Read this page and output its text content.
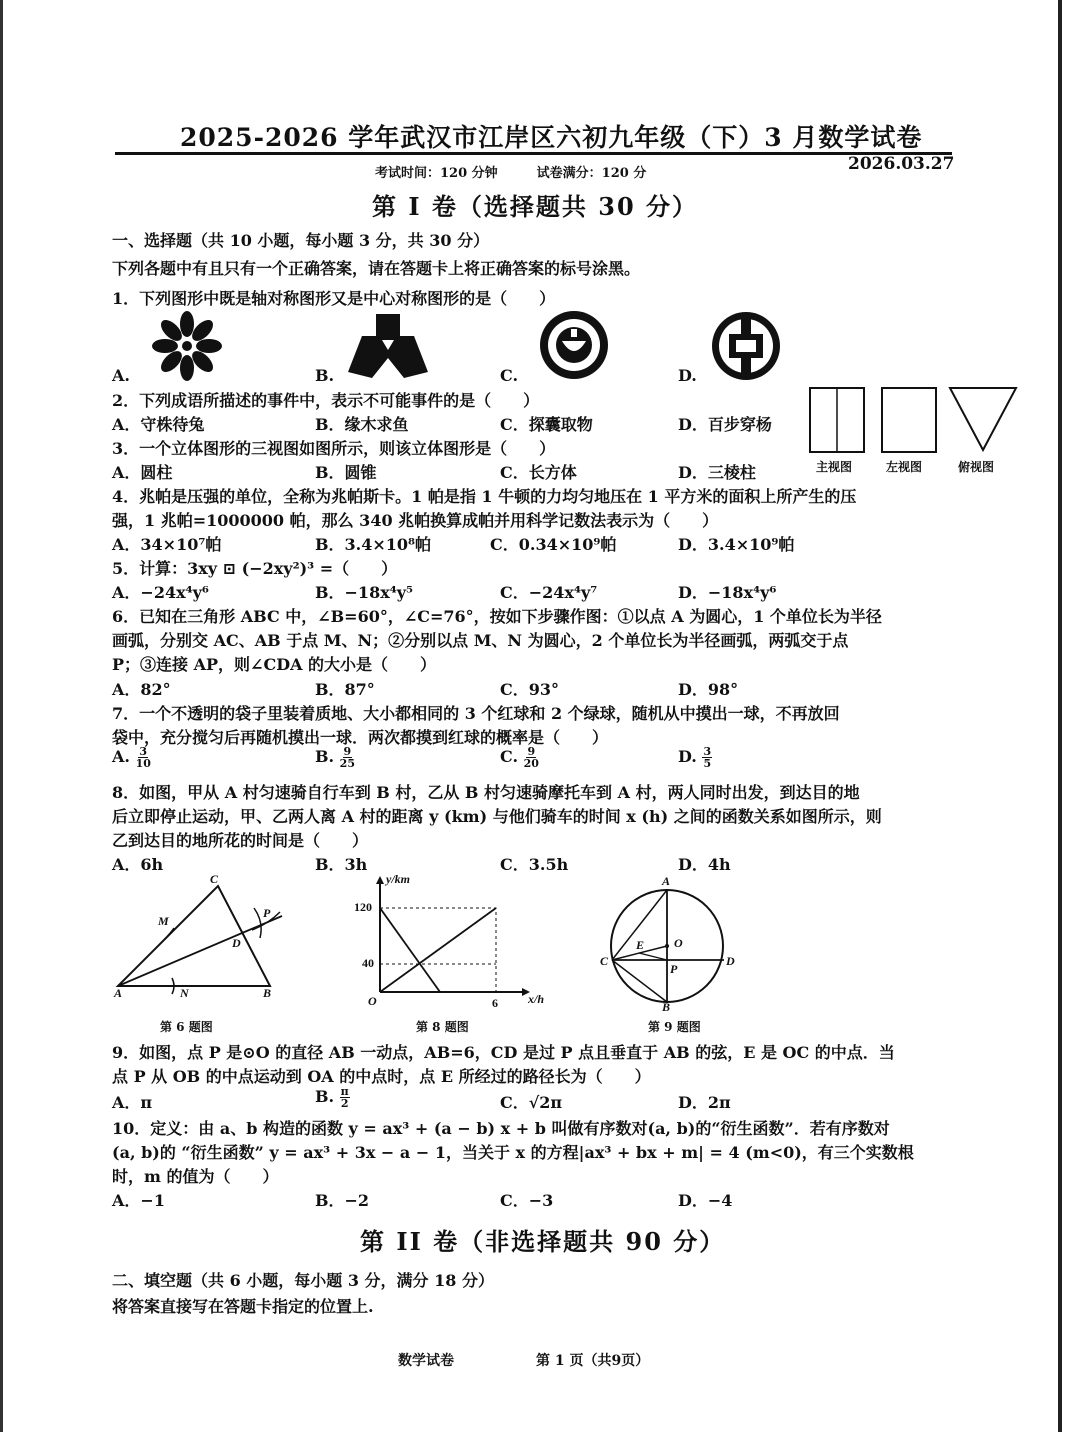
2025-2026 学年武汉市江岸区六初九年级（下）3 月数学试卷
考试时间：120 分钟　　　试卷满分：120 分	2026.03.27
第 I 卷（选择题共 30 分）
一、选择题（共 10 小题，每小题 3 分，共 30 分）
下列各题中有且只有一个正确答案，请在答题卡上将正确答案的标号涂黑。
1．下列图形中既是轴对称图形又是中心对称图形的是（　　）
A.	B.	C.	D.
2．下列成语所描述的事件中，表示不可能事件的是（　　）
A．守株待兔	B．缘木求鱼	C．探囊取物	D．百步穿杨
3．一个立体图形的三视图如图所示，则该立体图形是（　　）
A．圆柱	B．圆锥	C．长方体	D．三棱柱	主视图	左视图	俯视图
4．兆帕是压强的单位，全称为兆帕斯卡。1 帕是指 1 牛顿的力均匀地压在 1 平方米的面积上所产生的压
强，1 兆帕=1000000 帕，那么 340 兆帕换算成帕并用科学记数法表示为（　　）
A．34×10⁷帕	B．3.4×10⁸帕	C．0.34×10⁹帕	D．3.4×10⁹帕
5．计算：3xy ⊡ (−2xy²)³ =（　　）
A．−24x⁴y⁶	B．−18x⁴y⁵	C．−24x⁴y⁷	D．−18x⁴y⁶
6．已知在三角形 ABC 中，∠B=60°，∠C=76°，按如下步骤作图：①以点 A 为圆心，1 个单位长为半径
画弧，分别交 AC、AB 于点 M、N；②分别以点 M、N 为圆心，2 个单位长为半径画弧，两弧交于点
P；③连接 AP，则∠CDA 的大小是（　　）
A．82°	B．87°	C．93°	D．98°
7．一个不透明的袋子里装着质地、大小都相同的 3 个红球和 2 个绿球，随机从中摸出一球，不再放回
袋中，充分搅匀后再随机摸出一球．两次都摸到红球的概率是（　　）
A. $\frac{3}{10}$	B. $\frac{9}{25}$	C. $\frac{9}{20}$	D. $\frac{3}{5}$
8．如图，甲从 A 村匀速骑自行车到 B 村，乙从 B 村匀速骑摩托车到 A 村，两人同时出发，到达目的地
后立即停止运动，甲、乙两人离 A 村的距离 y (km) 与他们骑车的时间 x (h) 之间的函数关系如图所示，则
乙到达目的地所花的时间是（　　）
A．6h	B．3h	C．3.5h	D．4h
C
M
P
D
A	N	B
第 6 题图
y/km
120
40
O	6	x/h
第 8 题图
A
E O
C
P
D
B
第 9 题图
9．如图，点 P 是⊙O 的直径 AB 一动点，AB=6，CD 是过 P 点且垂直于 AB 的弦，E 是 OC 的中点．当
点 P 从 OB 的中点运动到 OA 的中点时，点 E 所经过的路径长为（　　）
A．π	B. $\frac{\pi}{2}$	C．√2π	D．2π
10．定义：由 a、b 构造的函数 y = ax³ + (a − b) x + b 叫做有序数对(a, b)的“衍生函数”．若有序数对
(a, b)的 “衍生函数” y = ax³ + 3x − a − 1，当关于 x 的方程|ax³ + bx + m| = 4 (m<0)，有三个实数根
时，m 的值为（　　）
A．−1	B．−2	C．−3	D．−4
第 II 卷（非选择题共 90 分）
二、填空题（共 6 小题，每小题 3 分，满分 18 分）
将答案直接写在答题卡指定的位置上.
数学试卷	第 1 页（共9页）
